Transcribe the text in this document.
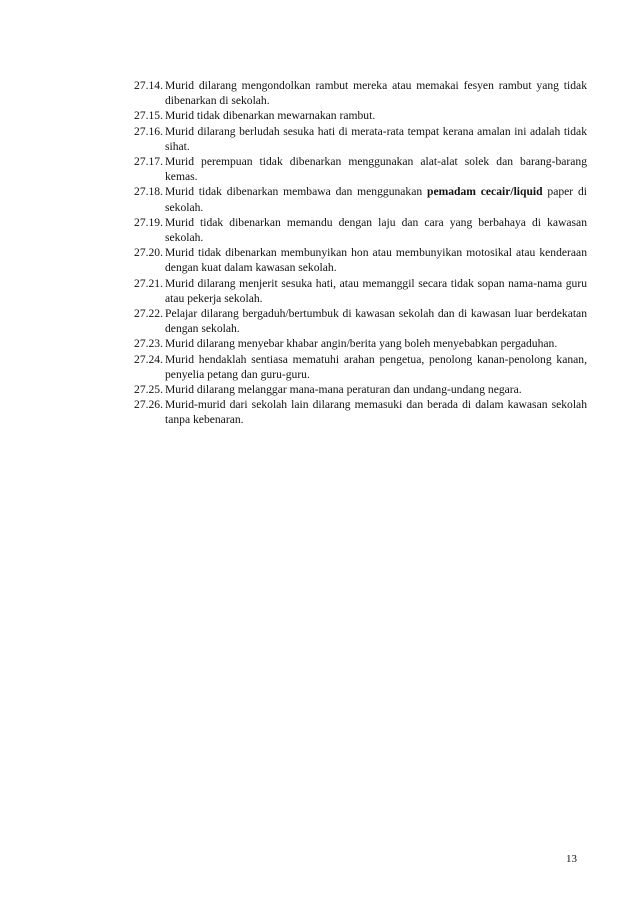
27.14. Murid dilarang mengondolkan rambut mereka atau memakai fesyen rambut yang tidak dibenarkan di sekolah.
27.15. Murid tidak dibenarkan mewarnakan rambut.
27.16. Murid dilarang berludah sesuka hati di merata-rata tempat kerana amalan ini adalah tidak sihat.
27.17. Murid perempuan tidak dibenarkan menggunakan alat-alat solek dan barang-barang kemas.
27.18. Murid tidak dibenarkan membawa dan menggunakan pemadam cecair/liquid paper di sekolah.
27.19. Murid tidak dibenarkan memandu dengan laju dan cara yang berbahaya di kawasan sekolah.
27.20. Murid tidak dibenarkan membunyikan hon atau membunyikan motosikal atau kenderaan dengan kuat dalam kawasan sekolah.
27.21. Murid dilarang menjerit sesuka hati, atau memanggil secara tidak sopan nama-nama guru atau pekerja sekolah.
27.22. Pelajar dilarang bergaduh/bertumbuk di kawasan sekolah dan di kawasan luar berdekatan dengan sekolah.
27.23. Murid dilarang menyebar khabar angin/berita yang boleh menyebabkan pergaduhan.
27.24. Murid hendaklah sentiasa mematuhi arahan pengetua, penolong kanan-penolong kanan, penyelia petang dan guru-guru.
27.25. Murid dilarang melanggar mana-mana peraturan dan undang-undang negara.
27.26. Murid-murid dari sekolah lain dilarang memasuki dan berada di dalam kawasan sekolah tanpa kebenaran.
13
